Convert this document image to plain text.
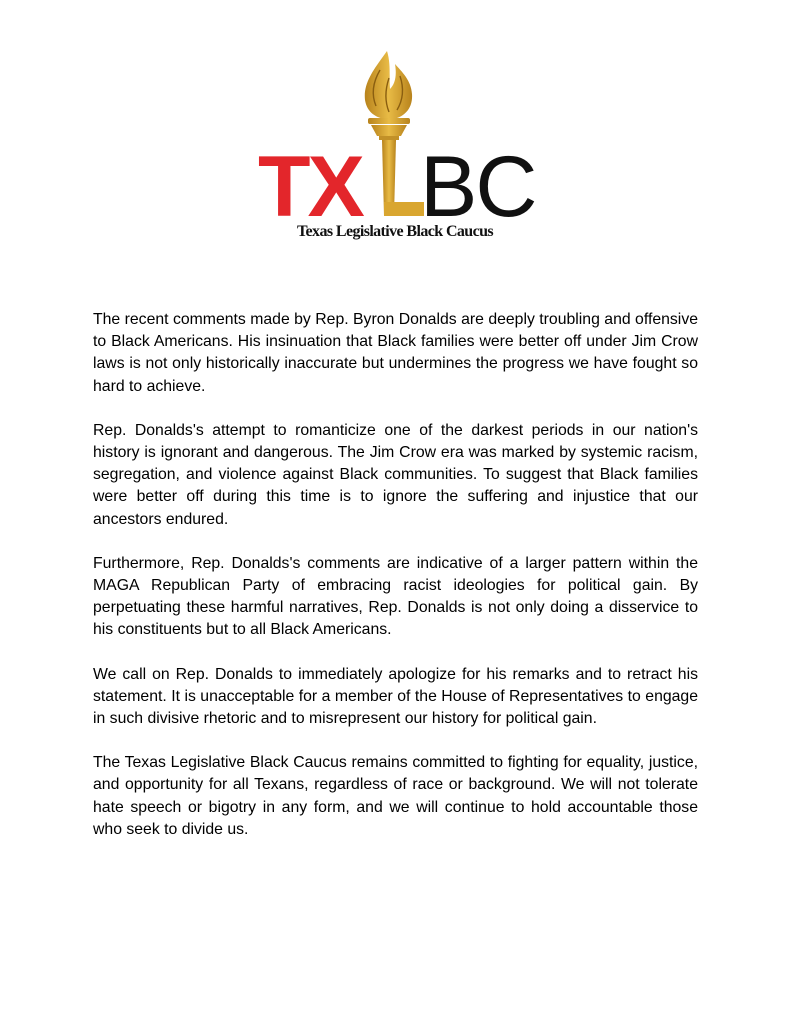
TX BC
Texas Legislative Black Caucus

The recent comments made by Rep. Byron Donalds are deeply troubling and offensive to Black Americans. His insinuation that Black families were better off under Jim Crow laws is not only historically inaccurate but undermines the progress we have fought so hard to achieve.

Rep. Donalds's attempt to romanticize one of the darkest periods in our nation's history is ignorant and dangerous. The Jim Crow era was marked by systemic racism, segregation, and violence against Black communities. To suggest that Black families were better off during this time is to ignore the suffering and injustice that our ancestors endured.

Furthermore, Rep. Donalds's comments are indicative of a larger pattern within the MAGA Republican Party of embracing racist ideologies for political gain. By perpetuating these harmful narratives, Rep. Donalds is not only doing a disservice to his constituents but to all Black Americans.

We call on Rep. Donalds to immediately apologize for his remarks and to retract his statement. It is unacceptable for a member of the House of Representatives to engage in such divisive rhetoric and to misrepresent our history for political gain.

The Texas Legislative Black Caucus remains committed to fighting for equality, justice, and opportunity for all Texans, regardless of race or background. We will not tolerate hate speech or bigotry in any form, and we will continue to hold accountable those who seek to divide us.
